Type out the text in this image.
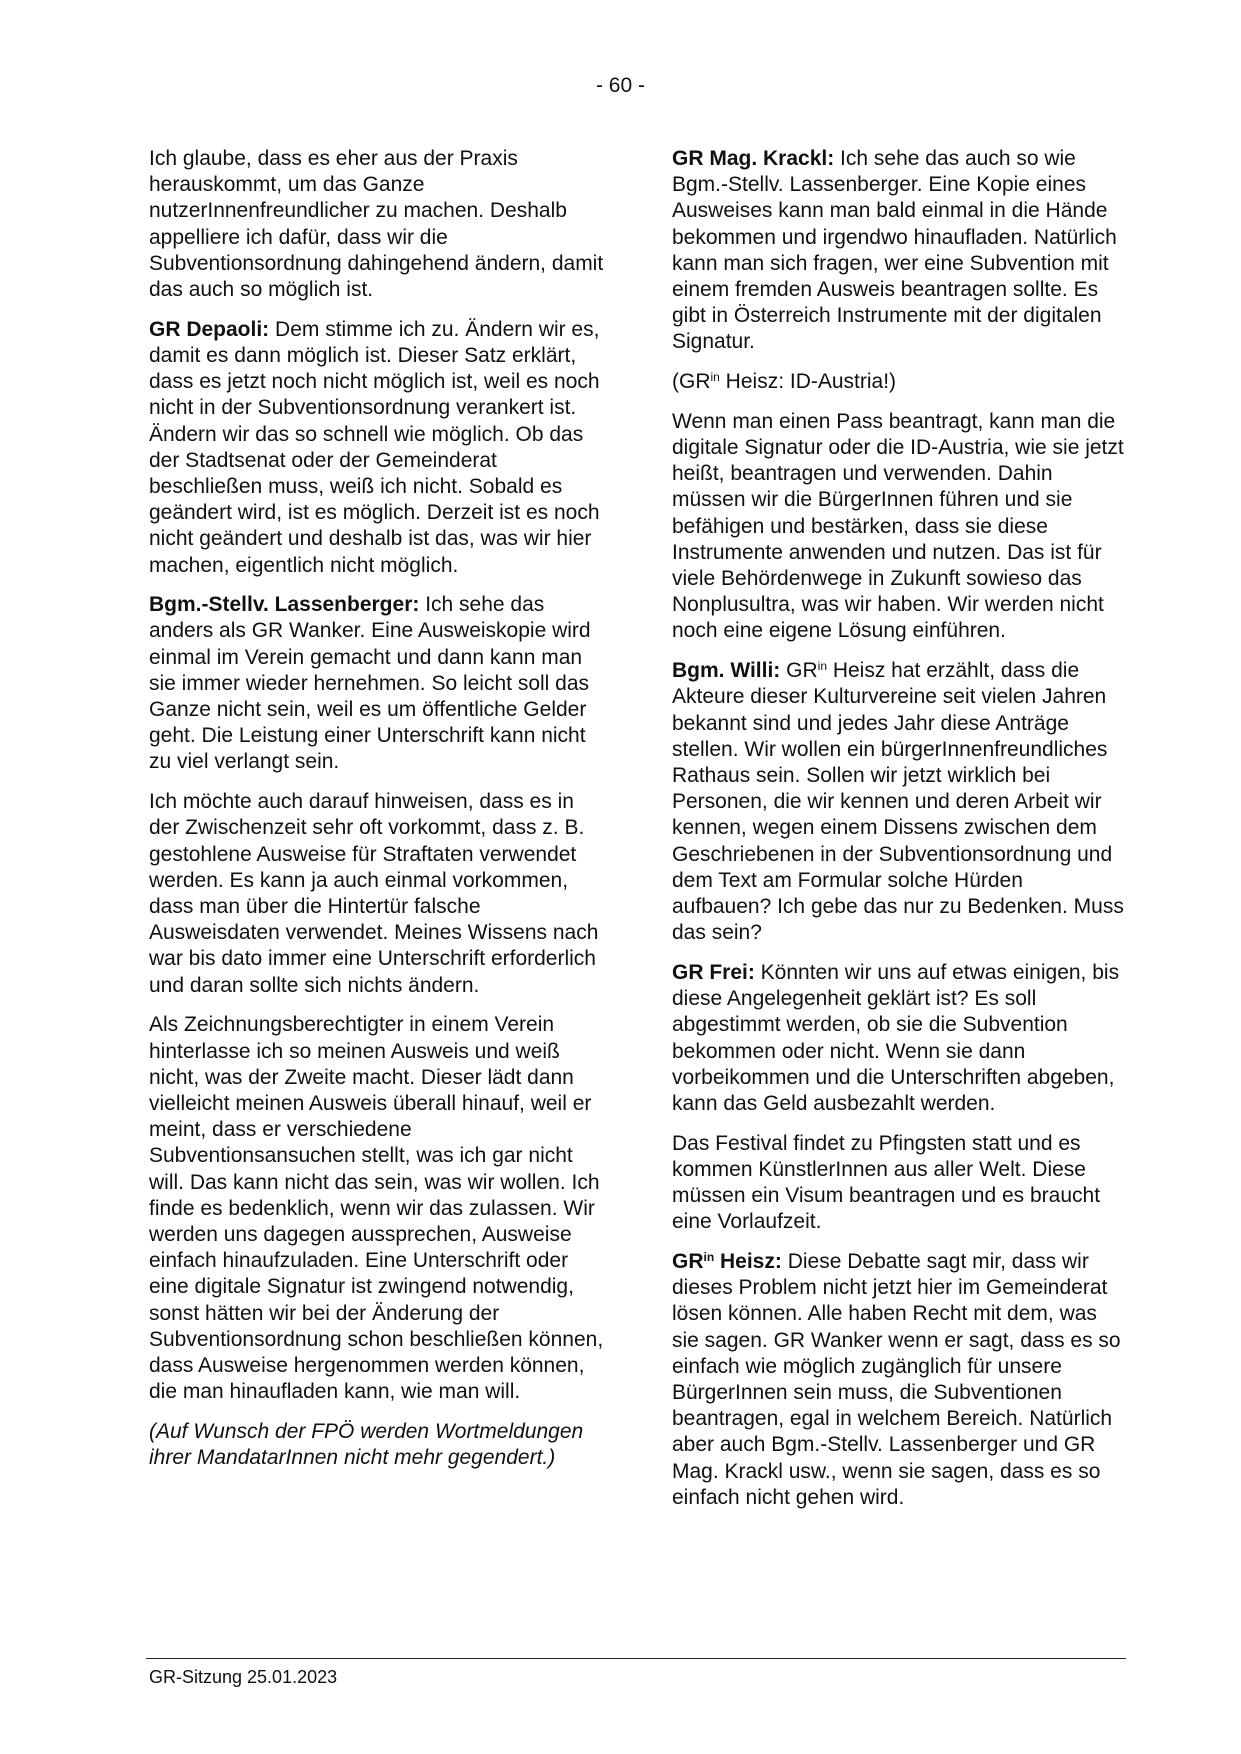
- 60 -

Ich glaube, dass es eher aus der Praxis herauskommt, um das Ganze nutzerInnenfreundlicher zu machen. Deshalb appelliere ich dafür, dass wir die Subventionsordnung dahingehend ändern, damit das auch so möglich ist.

GR Depaoli: Dem stimme ich zu. Ändern wir es, damit es dann möglich ist. Dieser Satz erklärt, dass es jetzt noch nicht möglich ist, weil es noch nicht in der Subventionsordnung verankert ist. Ändern wir das so schnell wie möglich. Ob das der Stadtsenat oder der Gemeinderat beschließen muss, weiß ich nicht. Sobald es geändert wird, ist es möglich. Derzeit ist es noch nicht geändert und deshalb ist das, was wir hier machen, eigentlich nicht möglich.

Bgm.-Stellv. Lassenberger: Ich sehe das anders als GR Wanker. Eine Ausweiskopie wird einmal im Verein gemacht und dann kann man sie immer wieder hernehmen. So leicht soll das Ganze nicht sein, weil es um öffentliche Gelder geht. Die Leistung einer Unterschrift kann nicht zu viel verlangt sein.

Ich möchte auch darauf hinweisen, dass es in der Zwischenzeit sehr oft vorkommt, dass z. B. gestohlene Ausweise für Straftaten verwendet werden. Es kann ja auch einmal vorkommen, dass man über die Hintertür falsche Ausweisdaten verwendet. Meines Wissens nach war bis dato immer eine Unterschrift erforderlich und daran sollte sich nichts ändern.

Als Zeichnungsberechtigter in einem Verein hinterlasse ich so meinen Ausweis und weiß nicht, was der Zweite macht. Dieser lädt dann vielleicht meinen Ausweis überall hinauf, weil er meint, dass er verschiedene Subventionsansuchen stellt, was ich gar nicht will. Das kann nicht das sein, was wir wollen. Ich finde es bedenklich, wenn wir das zulassen. Wir werden uns dagegen aussprechen, Ausweise einfach hinaufzuladen. Eine Unterschrift oder eine digitale Signatur ist zwingend notwendig, sonst hätten wir bei der Änderung der Subventionsordnung schon beschließen können, dass Ausweise hergenommen werden können, die man hinaufladen kann, wie man will.

(Auf Wunsch der FPÖ werden Wortmeldungen ihrer MandatarInnen nicht mehr gegendert.)

GR Mag. Krackl: Ich sehe das auch so wie Bgm.-Stellv. Lassenberger. Eine Kopie eines Ausweises kann man bald einmal in die Hände bekommen und irgendwo hinaufladen. Natürlich kann man sich fragen, wer eine Subvention mit einem fremden Ausweis beantragen sollte. Es gibt in Österreich Instrumente mit der digitalen Signatur.

($GR^{in}$ Heisz: ID-Austria!)

Wenn man einen Pass beantragt, kann man die digitale Signatur oder die ID-Austria, wie sie jetzt heißt, beantragen und verwenden. Dahin müssen wir die BürgerInnen führen und sie befähigen und bestärken, dass sie diese Instrumente anwenden und nutzen. Das ist für viele Behördenwege in Zukunft sowieso das Nonplusultra, was wir haben. Wir werden nicht noch eine eigene Lösung einführen.

Bgm. Willi: $GR^{in}$ Heisz hat erzählt, dass die Akteure dieser Kulturvereine seit vielen Jahren bekannt sind und jedes Jahr diese Anträge stellen. Wir wollen ein bürgerInnenfreundliches Rathaus sein. Sollen wir jetzt wirklich bei Personen, die wir kennen und deren Arbeit wir kennen, wegen einem Dissens zwischen dem Geschriebenen in der Subventionsordnung und dem Text am Formular solche Hürden aufbauen? Ich gebe das nur zu Bedenken. Muss das sein?

GR Frei: Könnten wir uns auf etwas einigen, bis diese Angelegenheit geklärt ist? Es soll abgestimmt werden, ob sie die Subvention bekommen oder nicht. Wenn sie dann vorbeikommen und die Unterschriften abgeben, kann das Geld ausbezahlt werden.

Das Festival findet zu Pfingsten statt und es kommen KünstlerInnen aus aller Welt. Diese müssen ein Visum beantragen und es braucht eine Vorlaufzeit.

$GR^{in}$ Heisz: Diese Debatte sagt mir, dass wir dieses Problem nicht jetzt hier im Gemeinderat lösen können. Alle haben Recht mit dem, was sie sagen. GR Wanker wenn er sagt, dass es so einfach wie möglich zugänglich für unsere BürgerInnen sein muss, die Subventionen beantragen, egal in welchem Bereich. Natürlich aber auch Bgm.-Stellv. Lassenberger und GR Mag. Krackl usw., wenn sie sagen, dass es so einfach nicht gehen wird.

GR-Sitzung 25.01.2023
